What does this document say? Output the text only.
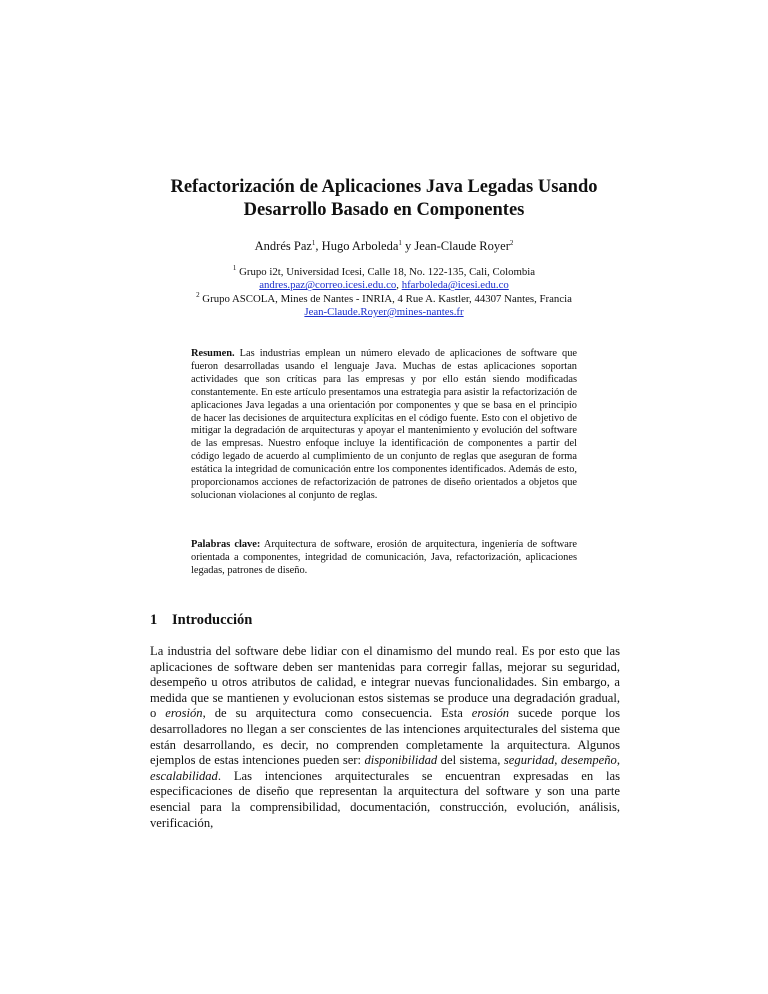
Refactorización de Aplicaciones Java Legadas Usando
Desarrollo Basado en Componentes
Andrés Paz$^1$, Hugo Arboleda$^1$ y Jean-Claude Royer$^2$
$^1$ Grupo i2t, Universidad Icesi, Calle 18, No. 122-135, Cali, Colombia
andres.paz@correo.icesi.edu.co, hfarboleda@icesi.edu.co
$^2$ Grupo ASCOLA, Mines de Nantes - INRIA, 4 Rue A. Kastler, 44307 Nantes, Francia
Jean-Claude.Royer@mines-nantes.fr

Resumen. Las industrias emplean un número elevado de aplicaciones de software que fueron desarrolladas usando el lenguaje Java. Muchas de estas aplicaciones soportan actividades que son críticas para las empresas y por ello están siendo modificadas constantemente. En este artículo presentamos una estrategia para asistir la refactorización de aplicaciones Java legadas a una orientación por componentes y que se basa en el principio de hacer las decisiones de arquitectura explícitas en el código fuente. Esto con el objetivo de mitigar la degradación de arquitecturas y apoyar el mantenimiento y evolución del software de las empresas. Nuestro enfoque incluye la identificación de componentes a partir del código legado de acuerdo al cumplimiento de un conjunto de reglas que aseguran de forma estática la integridad de comunicación entre los componentes identificados. Además de esto, proporcionamos acciones de refactorización de patrones de diseño orientados a objetos que solucionan violaciones al conjunto de reglas.

Palabras clave: Arquitectura de software, erosión de arquitectura, ingeniería de software orientada a componentes, integridad de comunicación, Java, refactorización, aplicaciones legadas, patrones de diseño.

1 Introducción

La industria del software debe lidiar con el dinamismo del mundo real. Es por esto que las aplicaciones de software deben ser mantenidas para corregir fallas, mejorar su seguridad, desempeño u otros atributos de calidad, e integrar nuevas funcionalidades. Sin embargo, a medida que se mantienen y evolucionan estos sistemas se produce una degradación gradual, o erosión, de su arquitectura como consecuencia. Esta erosión sucede porque los desarrolladores no llegan a ser conscientes de las intenciones arquitecturales del sistema que están desarrollando, es decir, no comprenden completamente la arquitectura. Algunos ejemplos de estas intenciones pueden ser: disponibilidad del sistema, seguridad, desempeño, escalabilidad. Las intenciones arquitecturales se encuentran expresadas en las especificaciones de diseño que representan la arquitectura del software y son una parte esencial para la comprensibilidad, documentación, construcción, evolución, análisis, verificación,
